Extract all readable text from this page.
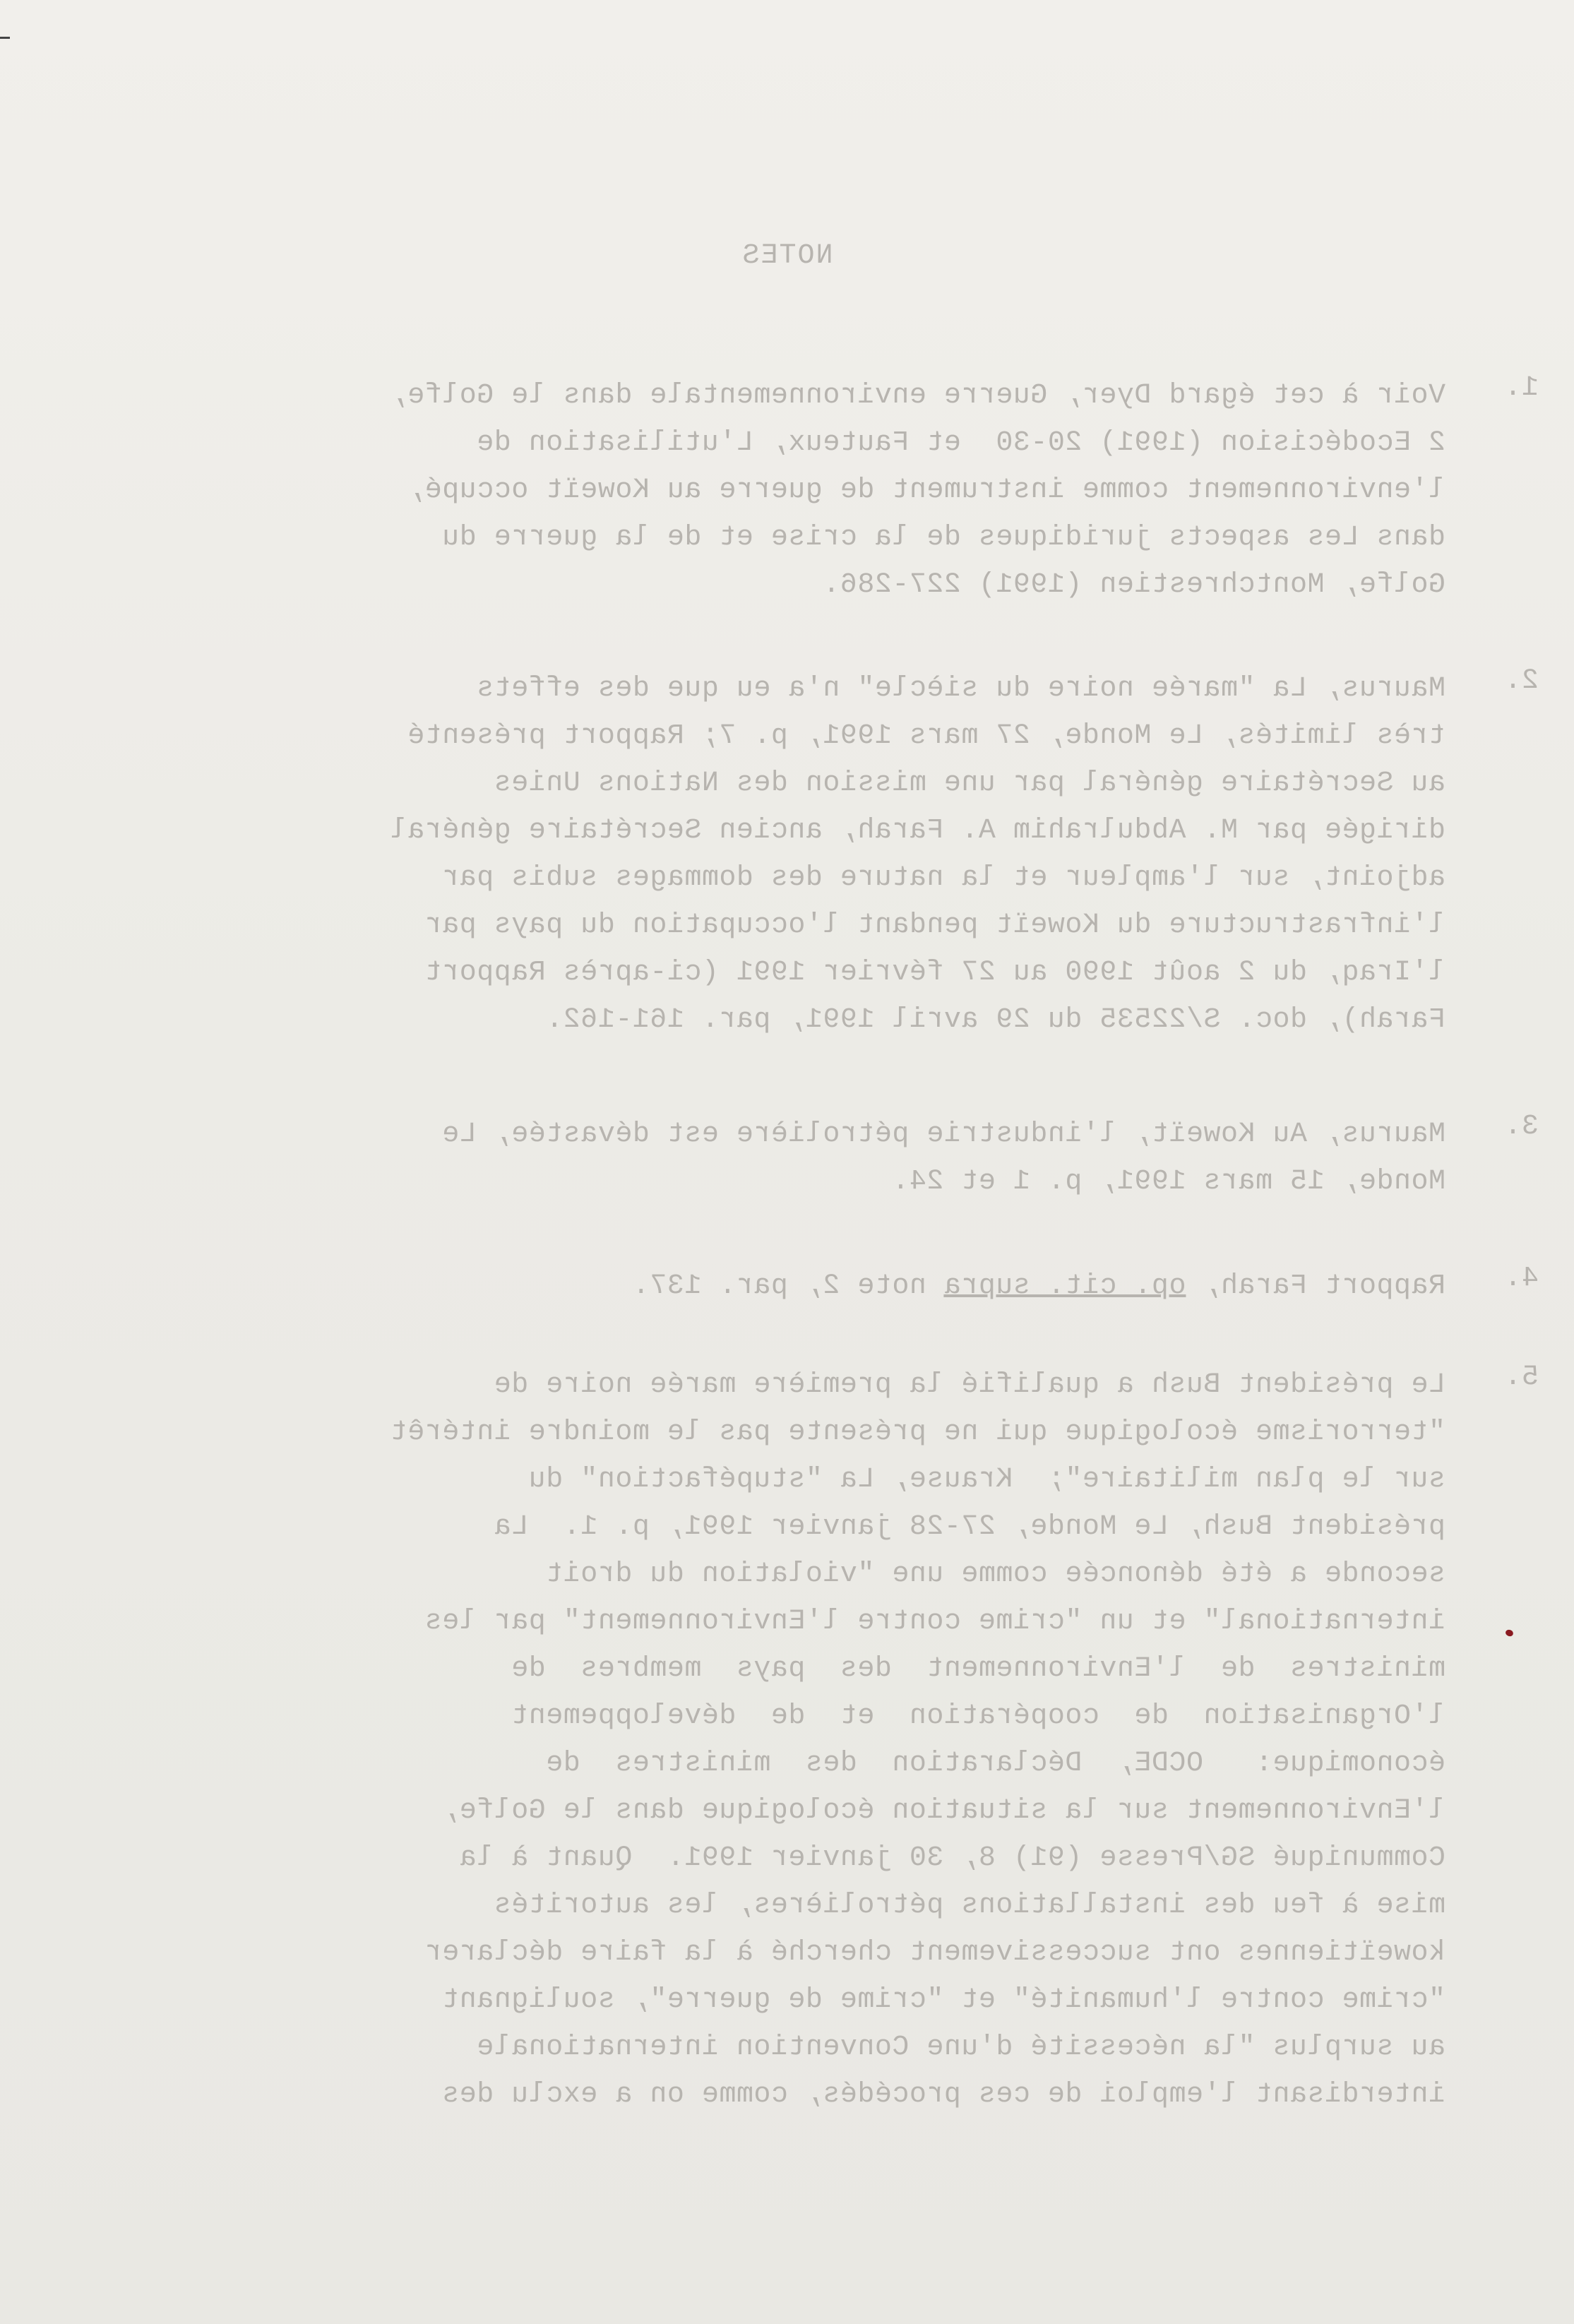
NOTES
1.
Voir à cet égard Dyer, Guerre environnementale dans le Golfe,
2 Ecodécision (1991) 20-30  et Fauteux, L'utilisation de
l'environnement comme instrument de guerre au Koweït occupé,
dans Les aspects juridiques de la crise et de la guerre du
Golfe, Montchrestien (1991) 227-286.
2.
Maurus, La "marée noire du siècle" n'a eu que des effets
très limités, Le Monde, 27 mars 1991, p. 7; Rapport présenté
au Secrétaire général par une mission des Nations Unies
dirigée par M. Abdulrahim A. Farah, ancien Secrétaire général
adjoint, sur l'ampleur et la nature des dommages subis par
l'infrastructure du Koweït pendant l'occupation du pays par
l'Iraq, du 2 août 1990 au 27 février 1991 (ci-après Rapport
Farah), doc. S/22535 du 29 avril 1991, par. 161-162.
3.
Maurus, Au Koweït, l'industrie pétrolière est dévastée, Le
Monde, 15 mars 1991, p. 1 et 24.
4.
Rapport Farah, op. cit. supra note 2, par. 137.
5.
Le président Bush a qualifié la première marée noire de
"terrorisme écologique qui ne présente pas le moindre intérêt
sur le plan militaire";  Krause, La "stupéfaction" du
président Bush, Le Monde, 27-28 janvier 1991, p. 1.  La
seconde a été dénoncée comme une "violation du droit
international" et un "crime contre l'Environnement" par les
ministres  de  l'Environnement  des  pays  membres  de
l'Organisation  de  coopération  et  de  développement
économique:   OCDE,  Déclaration  des  ministres  de
l'Environnement sur la situation écologique dans le Golfe,
Communiqué SG/Presse (91) 8, 30 janvier 1991.  Quant à la
mise à feu des installations pétrolières, les autorités
koweïtiennes ont successivement cherché à la faire déclarer
"crime contre l'humanité" et "crime de guerre", soulignant
au surplus "la nécessité d'une Convention internationale
interdisant l'emploi de ces procédés, comme on a exclu des
